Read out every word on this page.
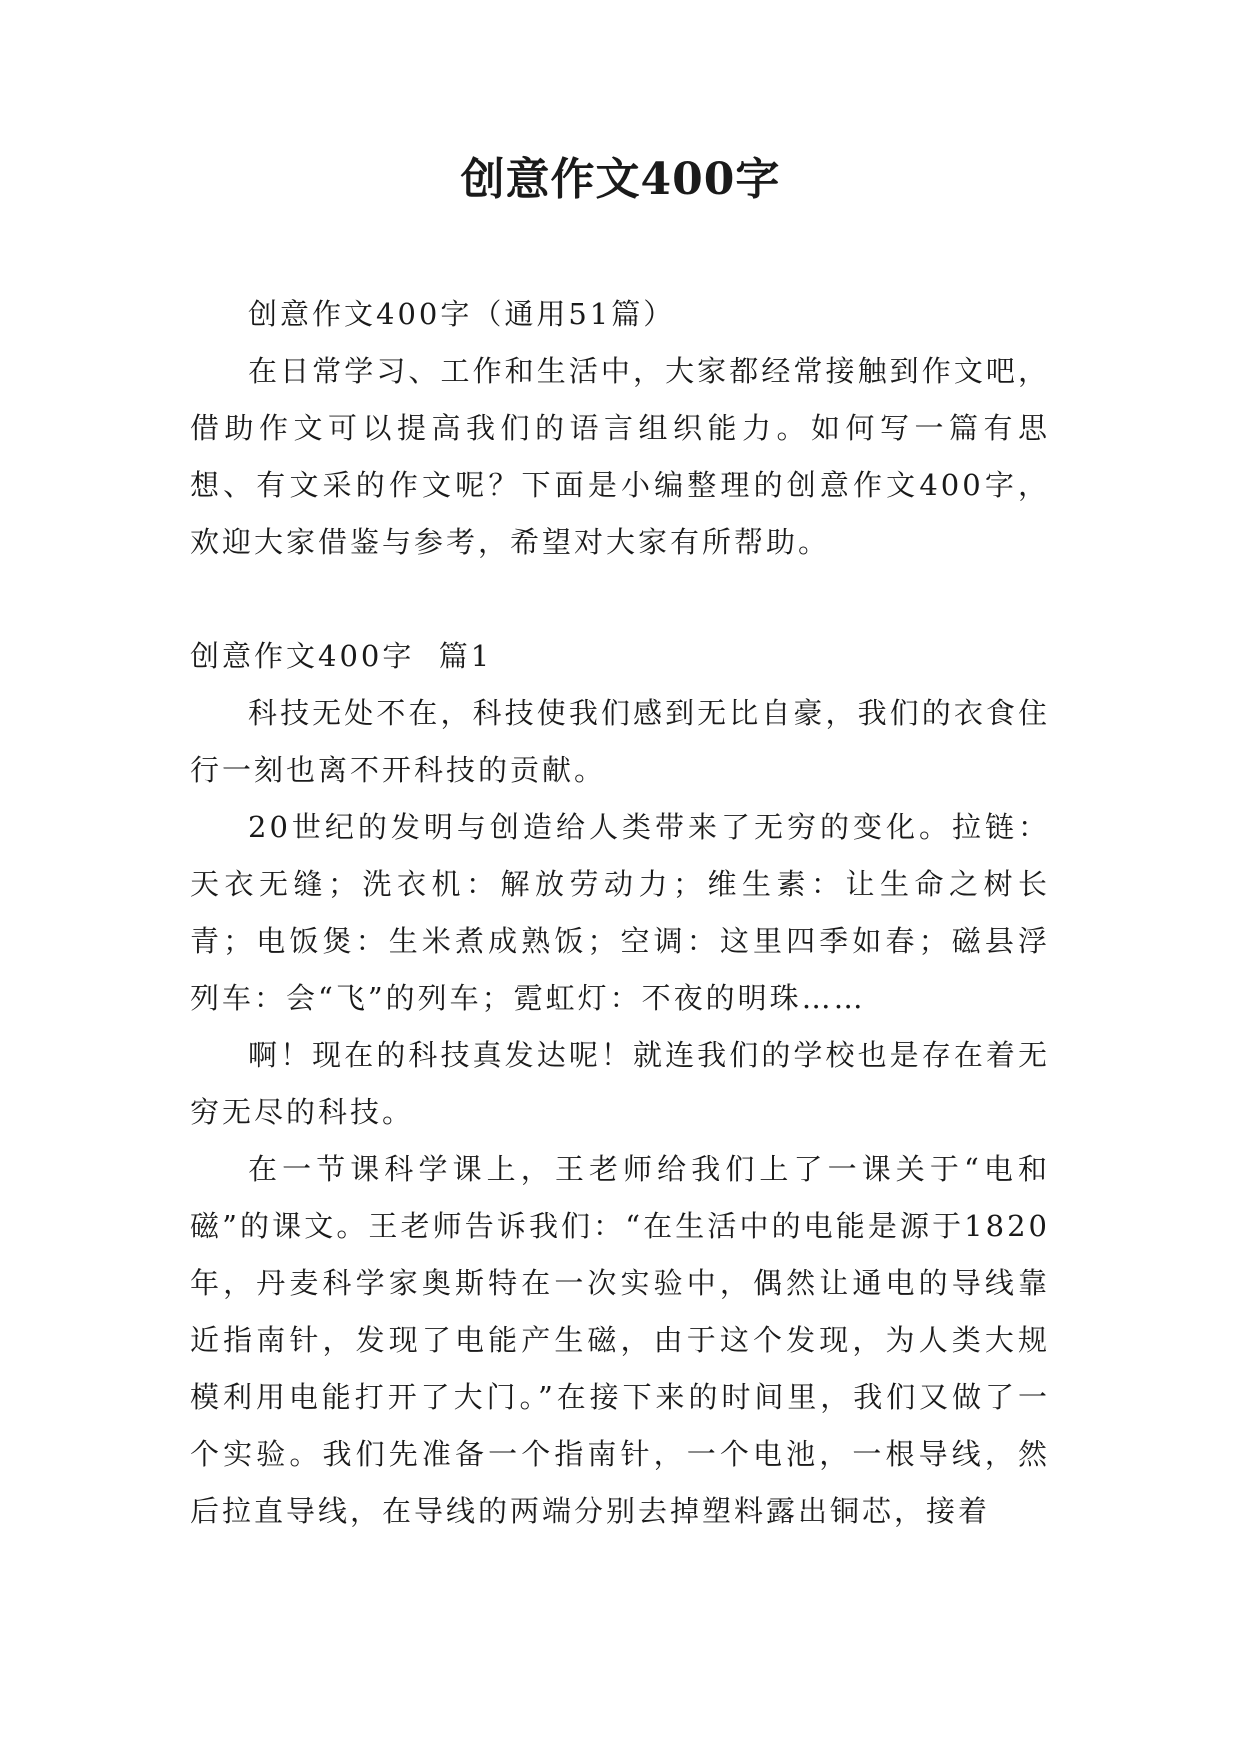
创意作文400字

创意作文400字（通用51篇）

在日常学习、工作和生活中，大家都经常接触到作文吧，借助作文可以提高我们的语言组织能力。如何写一篇有思想、有文采的作文呢？下面是小编整理的创意作文400字，欢迎大家借鉴与参考，希望对大家有所帮助。

创意作文400字  篇1

科技无处不在，科技使我们感到无比自豪，我们的衣食住行一刻也离不开科技的贡献。

20世纪的发明与创造给人类带来了无穷的变化。拉链：天衣无缝；洗衣机：解放劳动力；维生素：让生命之树长青；电饭煲：生米煮成熟饭；空调：这里四季如春；磁县浮列车：会“飞”的列车；霓虹灯：不夜的明珠……

啊！现在的科技真发达呢！就连我们的学校也是存在着无穷无尽的科技。

在一节课科学课上，王老师给我们上了一课关于“电和磁”的课文。王老师告诉我们：“在生活中的电能是源于1820年，丹麦科学家奥斯特在一次实验中，偶然让通电的导线靠近指南针，发现了电能产生磁，由于这个发现，为人类大规模利用电能打开了大门。”在接下来的时间里，我们又做了一个实验。我们先准备一个指南针，一个电池，一根导线，然后拉直导线，在导线的两端分别去掉塑料露出铜芯，接着
